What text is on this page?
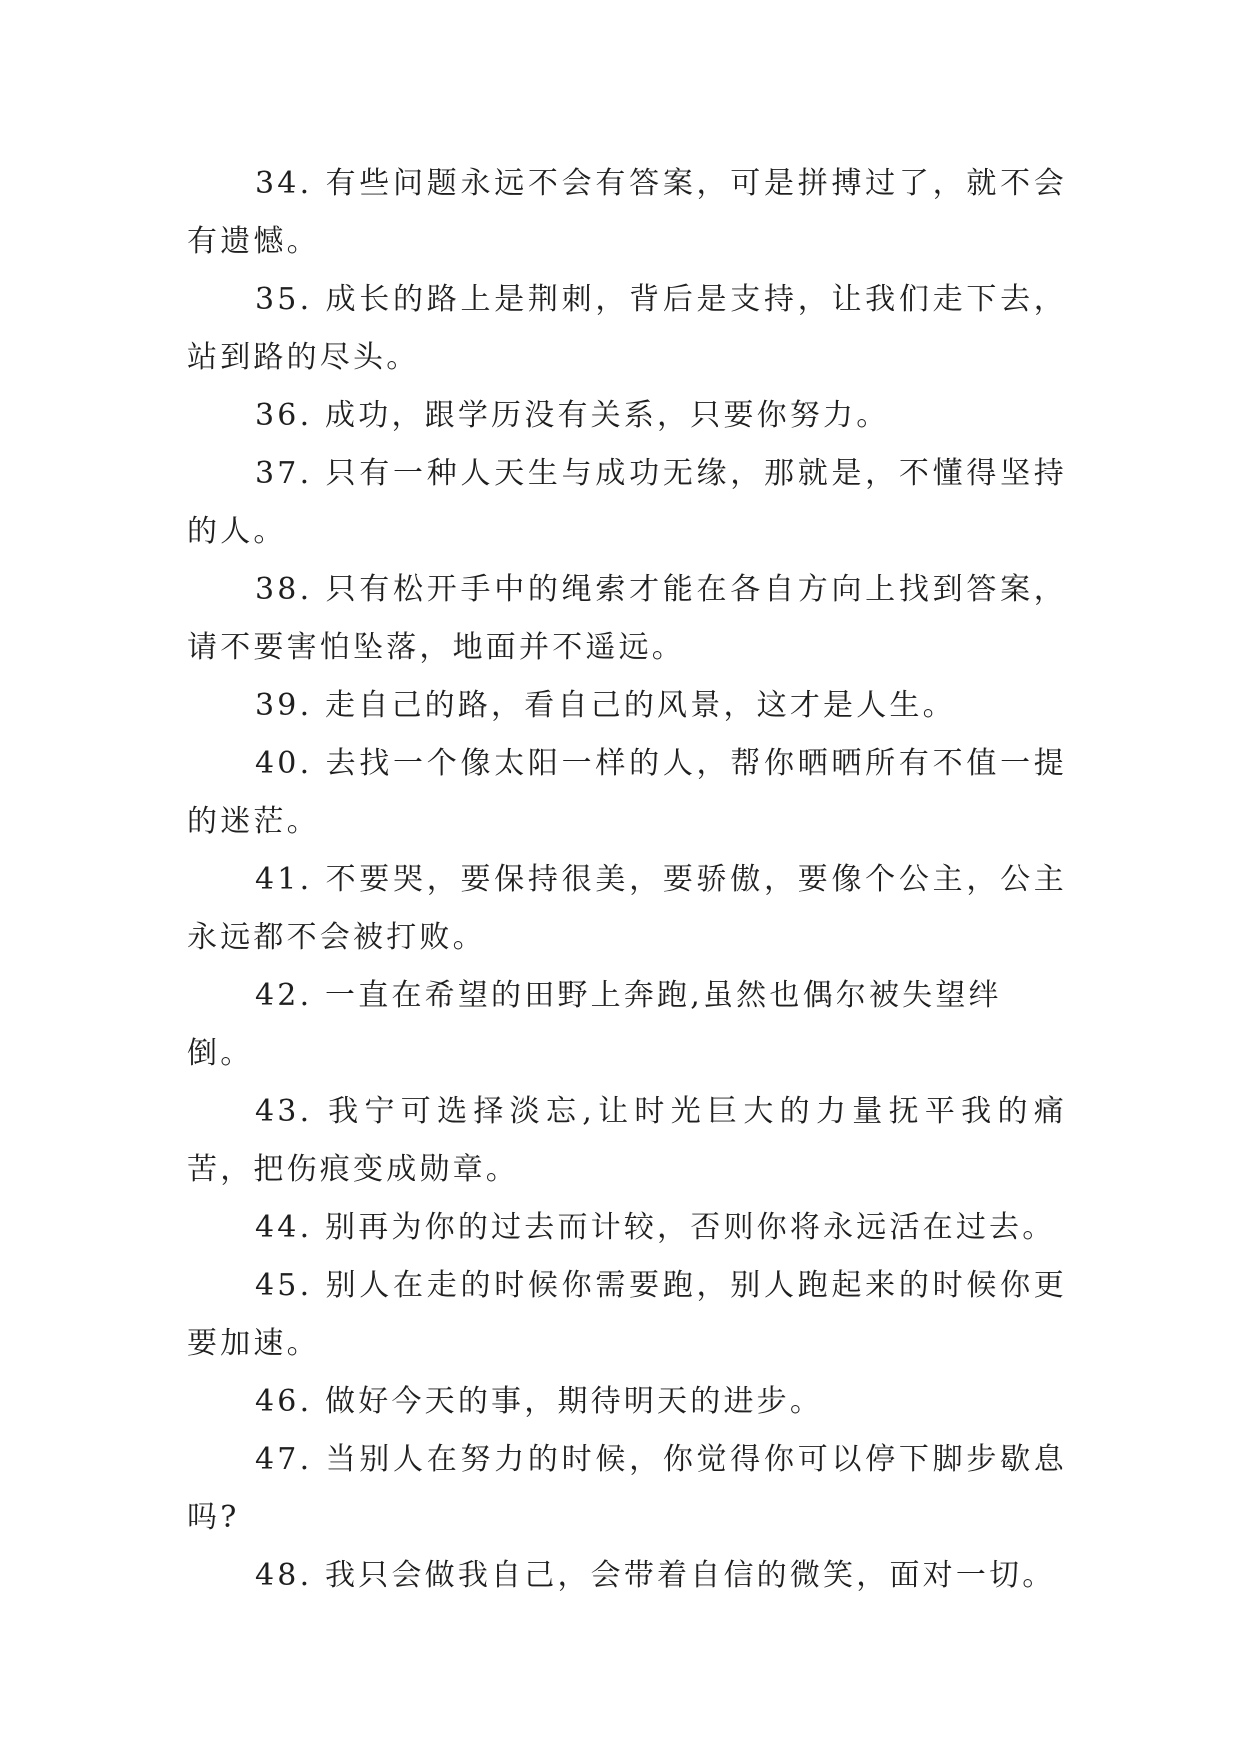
34. 有些问题永远不会有答案，可是拼搏过了，就不会有遗憾。

35. 成长的路上是荆刺，背后是支持，让我们走下去，站到路的尽头。

36. 成功，跟学历没有关系，只要你努力。

37. 只有一种人天生与成功无缘，那就是，不懂得坚持的人。

38. 只有松开手中的绳索才能在各自方向上找到答案，请不要害怕坠落，地面并不遥远。

39. 走自己的路，看自己的风景，这才是人生。

40. 去找一个像太阳一样的人，帮你晒晒所有不值一提的迷茫。

41. 不要哭，要保持很美，要骄傲，要像个公主，公主永远都不会被打败。

42. 一直在希望的田野上奔跑,虽然也偶尔被失望绊倒。

43. 我宁可选择淡忘,让时光巨大的力量抚平我的痛苦，把伤痕变成勋章。

44. 别再为你的过去而计较，否则你将永远活在过去。

45. 别人在走的时候你需要跑，别人跑起来的时候你更要加速。

46. 做好今天的事，期待明天的进步。

47. 当别人在努力的时候，你觉得你可以停下脚步歇息吗?

48. 我只会做我自己，会带着自信的微笑，面对一切。
